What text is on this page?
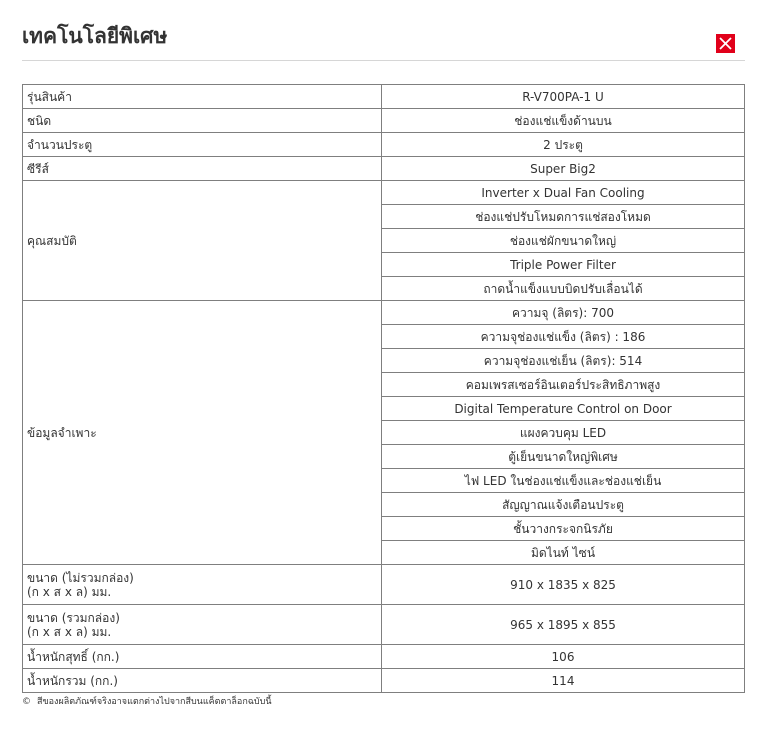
เทคโนโลยีพิเศษ
รุ่นสินค้า	R-V700PA-1 U
ชนิด	ช่องแช่แข็งด้านบน
จำนวนประตู	2 ประตู
ซีรีส์	Super Big2
คุณสมบัติ	Inverter x Dual Fan Cooling
	ช่องแช่ปรับโหมดการแช่สองโหมด
	ช่องแช่ผักขนาดใหญ่
	Triple Power Filter
	ถาดน้ำแข็งแบบบิดปรับเลื่อนได้
ข้อมูลจำเพาะ	ความจุ (ลิตร): 700
	ความจุช่องแช่แข็ง (ลิตร) : 186
	ความจุช่องแช่เย็น (ลิตร): 514
	คอมเพรสเซอร์อินเตอร์ประสิทธิภาพสูง
	Digital Temperature Control on Door
	แผงควบคุม LED
	ตู้เย็นขนาดใหญ่พิเศษ
	ไฟ LED ในช่องแช่แข็งและช่องแช่เย็น
	สัญญาณแจ้งเตือนประตู
	ชั้นวางกระจกนิรภัย
	มิดไนท์ ไซน์

ขนาด (ไม่รวมกล่อง)
(ก x ส x ล) มม.	910 x 1835 x 825

ขนาด (รวมกล่อง)
(ก x ส x ล) มม.	965 x 1895 x 855
น้ำหนักสุทธิ์ (กก.)	106
น้ำหนักรวม (กก.)	114
© สีของผลิตภัณฑ์จริงอาจแตกต่างไปจากสีบนแค็ตตาล็อกฉบับนี้
